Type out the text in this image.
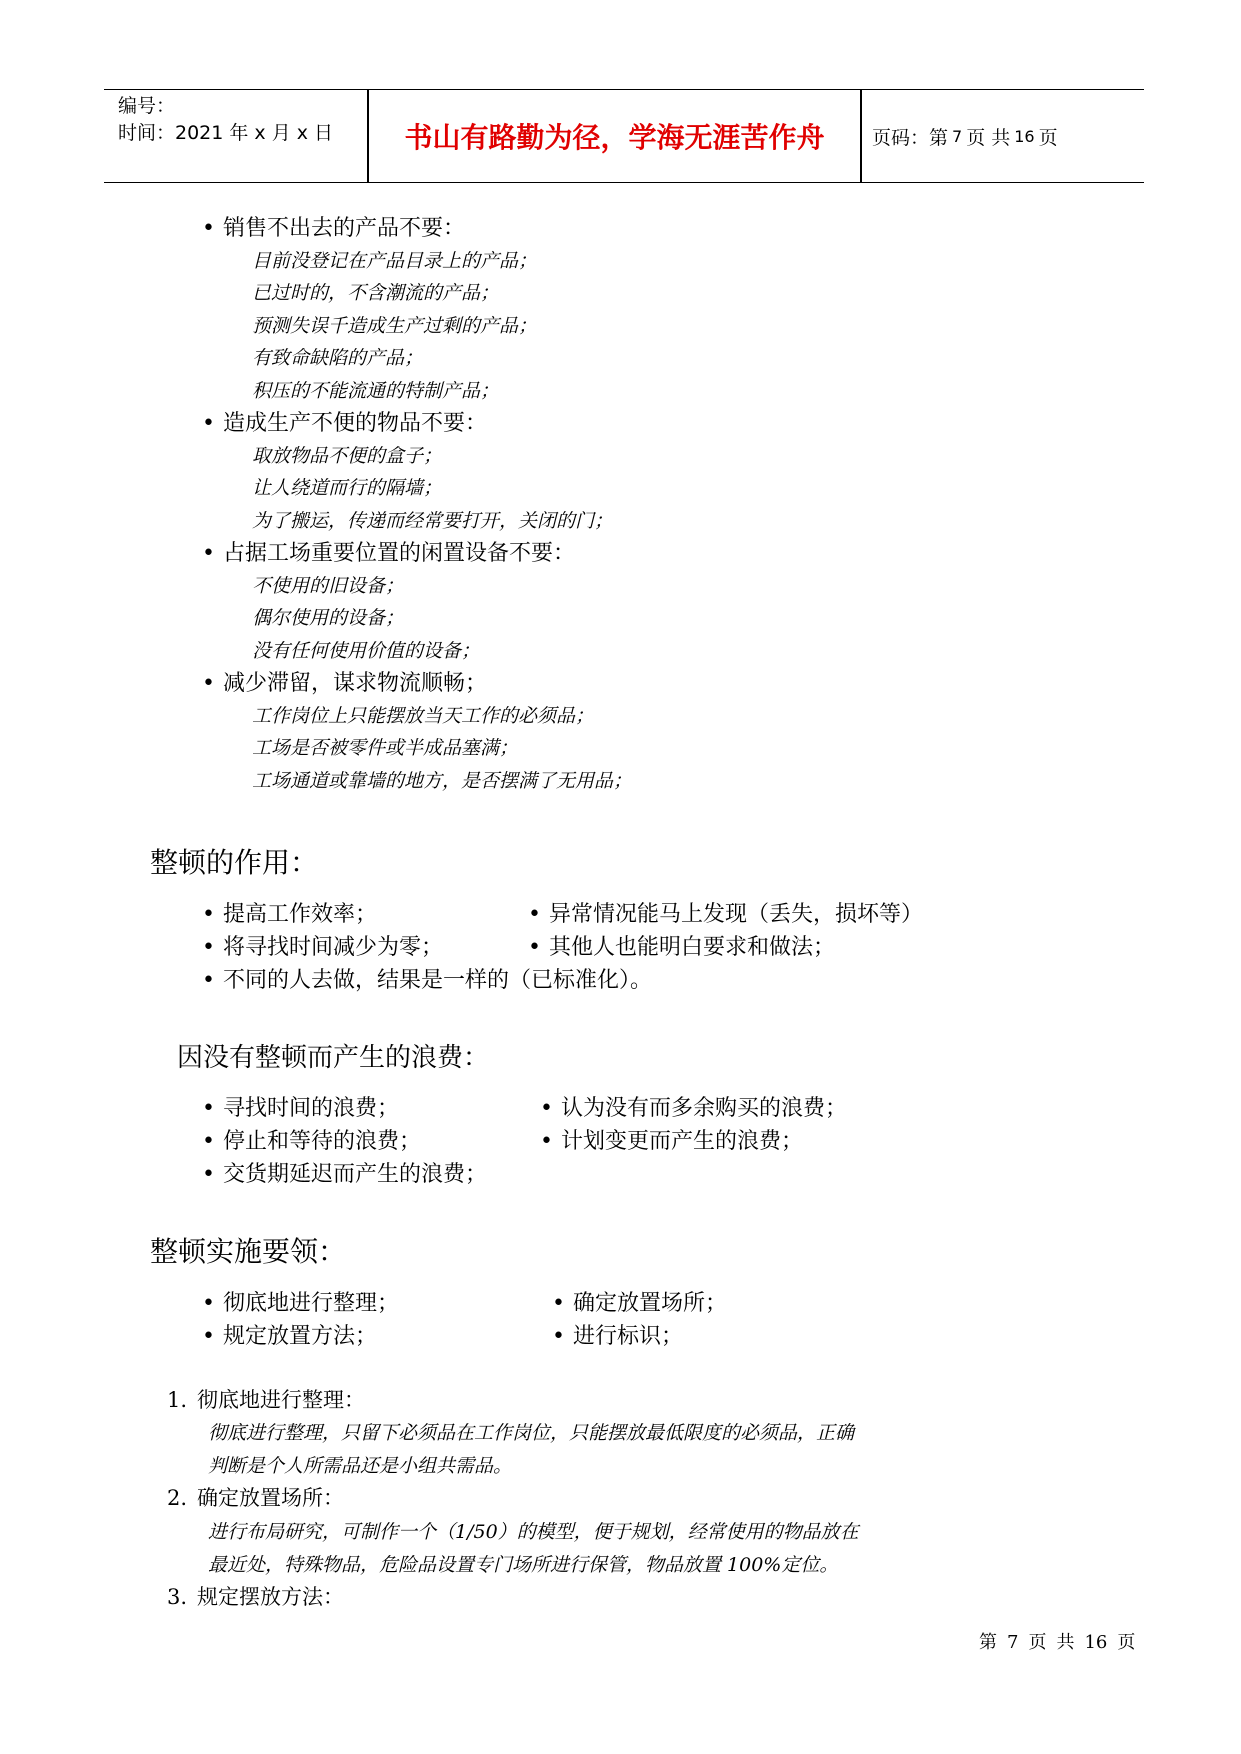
编号：
时间：2021 年 x 月 x 日	书山有路勤为径，学海无涯苦作舟	页码：第 7 页 共 16 页
• 销售不出去的产品不要：
目前没登记在产品目录上的产品；
已过时的，不含潮流的产品；
预测失误千造成生产过剩的产品；
有致命缺陷的产品；
积压的不能流通的特制产品；
• 造成生产不便的物品不要：
取放物品不便的盒子；
让人绕道而行的隔墙；
为了搬运，传递而经常要打开，关闭的门；
• 占据工场重要位置的闲置设备不要：
不使用的旧设备；
偶尔使用的设备；
没有任何使用价值的设备；
• 减少滞留，谋求物流顺畅；
工作岗位上只能摆放当天工作的必须品；
工场是否被零件或半成品塞满；
工场通道或靠墙的地方，是否摆满了无用品；
整顿的作用：
• 提高工作效率；	• 异常情况能马上发现（丢失，损坏等）
• 将寻找时间减少为零；	• 其他人也能明白要求和做法；
• 不同的人去做，结果是一样的（已标准化）。
因没有整顿而产生的浪费：
• 寻找时间的浪费；	• 认为没有而多余购买的浪费；
• 停止和等待的浪费；	• 计划变更而产生的浪费；
• 交货期延迟而产生的浪费；
整顿实施要领：
• 彻底地进行整理；	• 确定放置场所；
• 规定放置方法；	• 进行标识；
1. 彻底地进行整理：
彻底进行整理，只留下必须品在工作岗位，只能摆放最低限度的必须品，正确
判断是个人所需品还是小组共需品。
2. 确定放置场所：
进行布局研究，可制作一个（1/50）的模型，便于规划，经常使用的物品放在
最近处，特殊物品，危险品设置专门场所进行保管，物品放置 100%定位。
3. 规定摆放方法：
第 7 页 共 16 页
